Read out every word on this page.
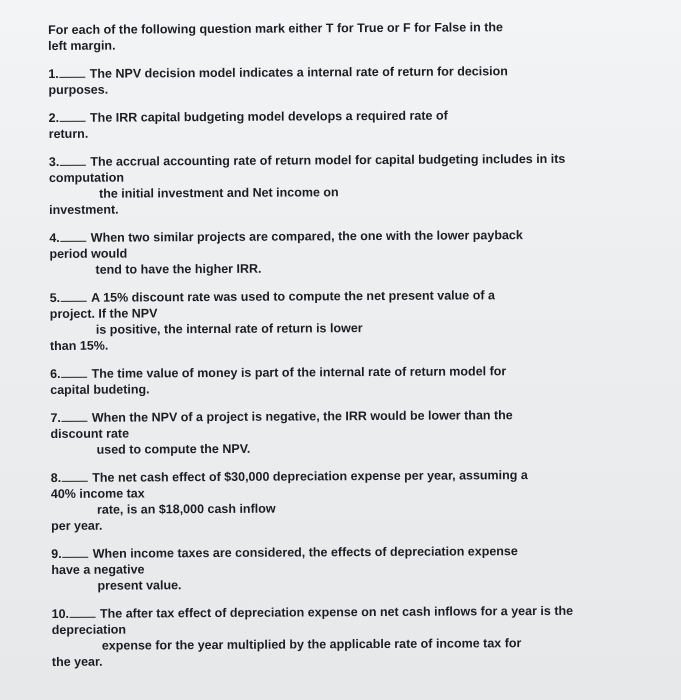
For each of the following question mark either T for True or F for False in the
left margin.
1. The NPV decision model indicates a internal rate of return for decision
purposes.
2. The IRR capital budgeting model develops a required rate of
return.
3. The accrual accounting rate of return model for capital budgeting includes in its
computation
the initial investment and Net income on
investment.
4. When two similar projects are compared, the one with the lower payback
period would
tend to have the higher IRR.
5. A 15% discount rate was used to compute the net present value of a
project. If the NPV
is positive, the internal rate of return is lower
than 15%.
6. The time value of money is part of the internal rate of return model for
capital budeting.
7. When the NPV of a project is negative, the IRR would be lower than the
discount rate
used to compute the NPV.
8. The net cash effect of $30,000 depreciation expense per year, assuming a
40% income tax
rate, is an $18,000 cash inflow
per year.
9. When income taxes are considered, the effects of depreciation expense
have a negative
present value.
10. The after tax effect of depreciation expense on net cash inflows for a year is the
depreciation
expense for the year multiplied by the applicable rate of income tax for
the year.
